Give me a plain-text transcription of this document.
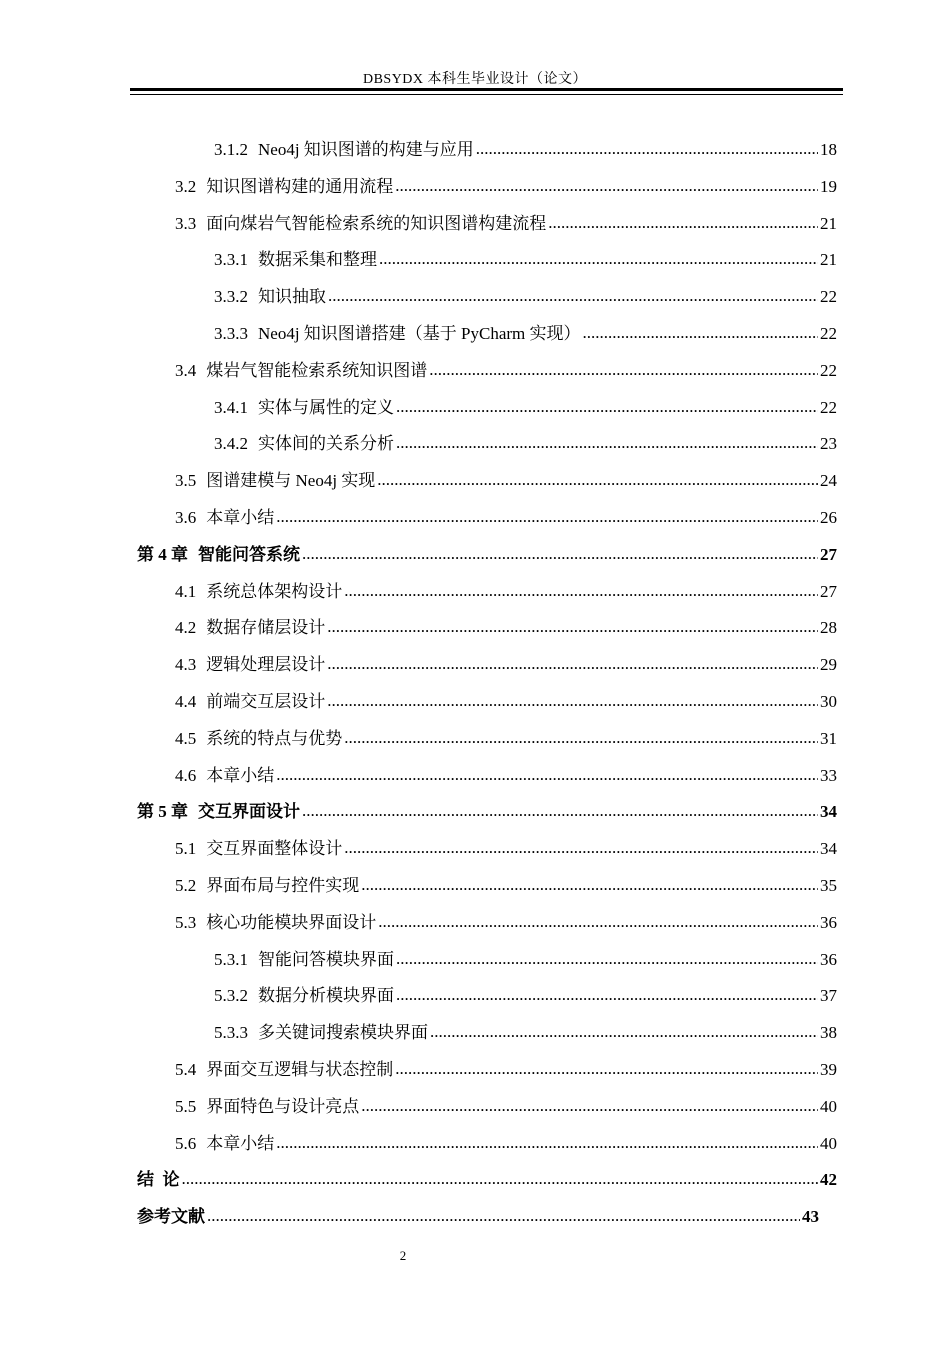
DBSYDX 本科生毕业设计（论文）
3.1.2 Neo4j 知识图谱的构建与应用 .....	18
3.2 知识图谱构建的通用流程 .....	19
3.3 面向煤岩气智能检索系统的知识图谱构建流程 .....	21
3.3.1 数据采集和整理 .....	21
3.3.2 知识抽取 .....	22
3.3.3 Neo4j 知识图谱搭建（基于 PyCharm 实现） .....	22
3.4 煤岩气智能检索系统知识图谱 .....	22
3.4.1 实体与属性的定义 .....	22
3.4.2 实体间的关系分析 .....	23
3.5 图谱建模与 Neo4j 实现 .....	24
3.6 本章小结 .....	26
第 4 章 智能问答系统 .....	27
4.1 系统总体架构设计 .....	27
4.2 数据存储层设计 .....	28
4.3 逻辑处理层设计 .....	29
4.4 前端交互层设计 .....	30
4.5 系统的特点与优势 .....	31
4.6 本章小结 .....	33
第 5 章 交互界面设计 .....	34
5.1 交互界面整体设计 .....	34
5.2 界面布局与控件实现 .....	35
5.3 核心功能模块界面设计 .....	36
5.3.1 智能问答模块界面 .....	36
5.3.2 数据分析模块界面 .....	37
5.3.3 多关键词搜索模块界面 .....	38
5.4 界面交互逻辑与状态控制 .....	39
5.5 界面特色与设计亮点 .....	40
5.6 本章小结 .....	40
结  论 .....	42
参考文献 .....	43
2
